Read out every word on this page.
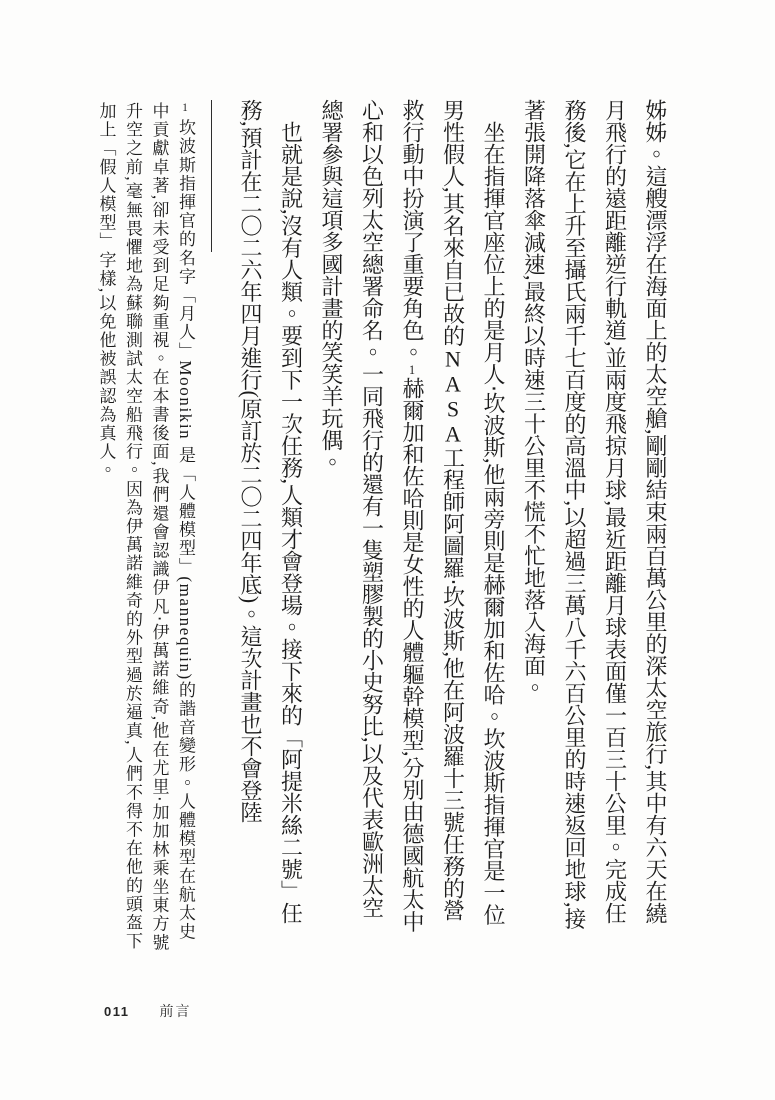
姊姊。這艘漂浮在海面上的太空艙,剛剛結束兩百萬公里的深太空旅行,其中有六天在繞月飛行的遠距離逆行軌道,並兩度飛掠月球,最近距離月球表面僅一百三十公里。完成任務後,它在上升至攝氏兩千七百度的高溫中,以超過三萬八千六百公里的時速返回地球,接著張開降落傘減速,最終以時速三十公里不慌不忙地落入海面。

坐在指揮官座位上的是月人‧坎波斯,他兩旁則是赫爾加和佐哈。坎波斯指揮官是一位男性假人,其名來自已故的NASA工程師阿圖羅‧坎波斯,他在阿波羅十三號任務的營救行動中扮演了重要角色。1赫爾加和佐哈則是女性的人體軀幹模型,分別由德國航太中心和以色列太空總署命名。一同飛行的還有一隻塑膠製的小史努比,以及代表歐洲太空總署參與這項多國計畫的笑笑羊玩偶。

也就是說,沒有人類。要到下一次任務,人類才會登場。接下來的「阿提米絲二號」任務,預計在二〇二六年四月進行(原訂於二〇二四年底)。這次計畫也不會登陸

1坎波斯指揮官的名字「月人」Moonikin 是「人體模型」(mannequin)的諧音變形。人體模型在航太史中貢獻卓著,卻未受到足夠重視。在本書後面,我們還會認識伊凡‧伊萬諾維奇,他在尤里‧加加林乘坐東方號升空之前,毫無畏懼地為蘇聯測試太空船飛行。因為伊萬諾維奇的外型過於逼真,人們不得不在他的頭盔下加上「假人模型」字樣,以免他被誤認為真人。
011 前言
